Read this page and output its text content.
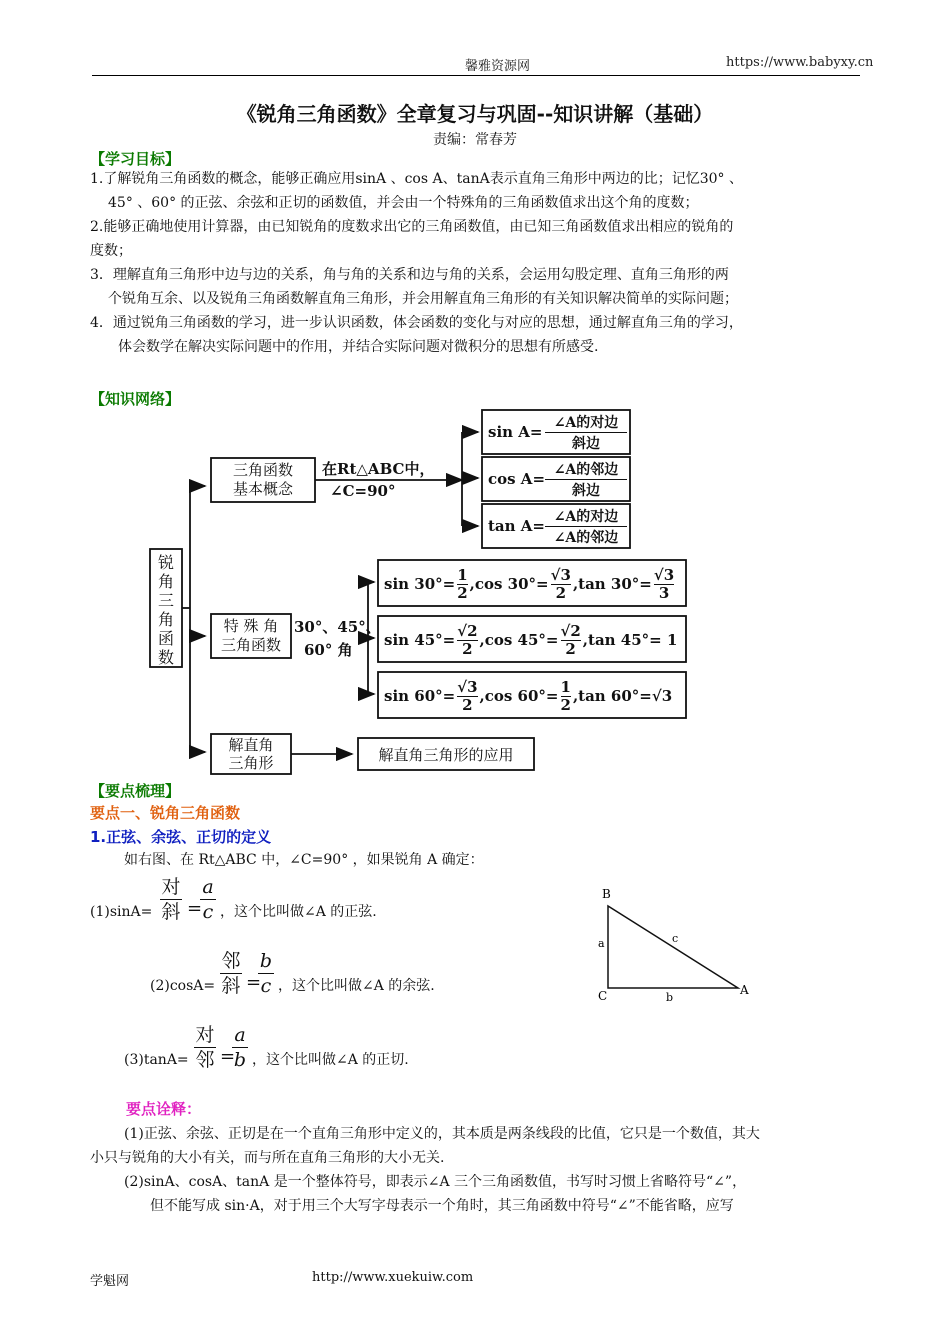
馨雅资源网	https://www.babyxy.cn
《锐角三角函数》全章复习与巩固--知识讲解（基础）
责编：常春芳
【学习目标】
1.了解锐角三角函数的概念，能够正确应用sinA 、cos A、tanA表示直角三角形中两边的比；记忆30° 、
45° 、60° 的正弦、余弦和正切的函数值，并会由一个特殊角的三角函数值求出这个角的度数；
2.能够正确地使用计算器，由已知锐角的度数求出它的三角函数值，由已知三角函数值求出相应的锐角的
度数；
3．理解直角三角形中边与边的关系，角与角的关系和边与角的关系，会运用勾股定理、直角三角形的两
个锐角互余、以及锐角三角函数解直角三角形，并会用解直角三角形的有关知识解决简单的实际问题；
4．通过锐角三角函数的学习，进一步认识函数，体会函数的变化与对应的思想，通过解直角三角的学习，
体会数学在解决实际问题中的作用，并结合实际问题对微积分的思想有所感受.
【知识网络】
锐
角
三
角
函
数
三角函数
基本概念
在Rt△ABC中，
∠C=90°
sin A= ∠A的对边
斜边
cos A= ∠A的邻边
斜边
tan A= ∠A的对边
∠A的邻边
特 殊 角
三角函数
30°、45°、
60° 角
$\sin 30^\circ= \frac{1}{2} ,\cos$ $30^\circ= \frac{√3}{2} ,\tan$ $30^\circ= \frac{√3}{3}$
$\sin 45^\circ= \frac{√2}{2} ,\cos$ $45^\circ= \frac{√2}{2} ,\tan$ 45°= 1
$\sin 60^\circ= \frac{√3}{2} ,\cos$ $60^\circ= \frac{1}{2} ,\tan$ 60°=√3
解直角
三角形	解直角三角形的应用
【要点梳理】
要点一、锐角三角函数
1.正弦、余弦、正切的定义
如右图、在 Rt△ABC 中，∠C=90° ，如果锐角 A 确定：
(1)sinA=
对
斜 =
a
c ，这个比叫做∠A 的正弦.
(2)cosA=
邻
斜 =
b
c ，这个比叫做∠A 的余弦.
(3)tanA=
对
邻 =
a
b ，这个比叫做∠A 的正切.
B
C	A
a
b
c
要点诠释：
(1)正弦、余弦、正切是在一个直角三角形中定义的，其本质是两条线段的比值，它只是一个数值，其大
小只与锐角的大小有关，而与所在直角三角形的大小无关.
(2)sinA、cosA、tanA 是一个整体符号，即表示∠A 三个三角函数值，书写时习惯上省略符号“∠”，
但不能写成 sin·A，对于用三个大写字母表示一个角时，其三角函数中符号“∠”不能省略，应写
学魁网	http://www.xuekuiw.com
